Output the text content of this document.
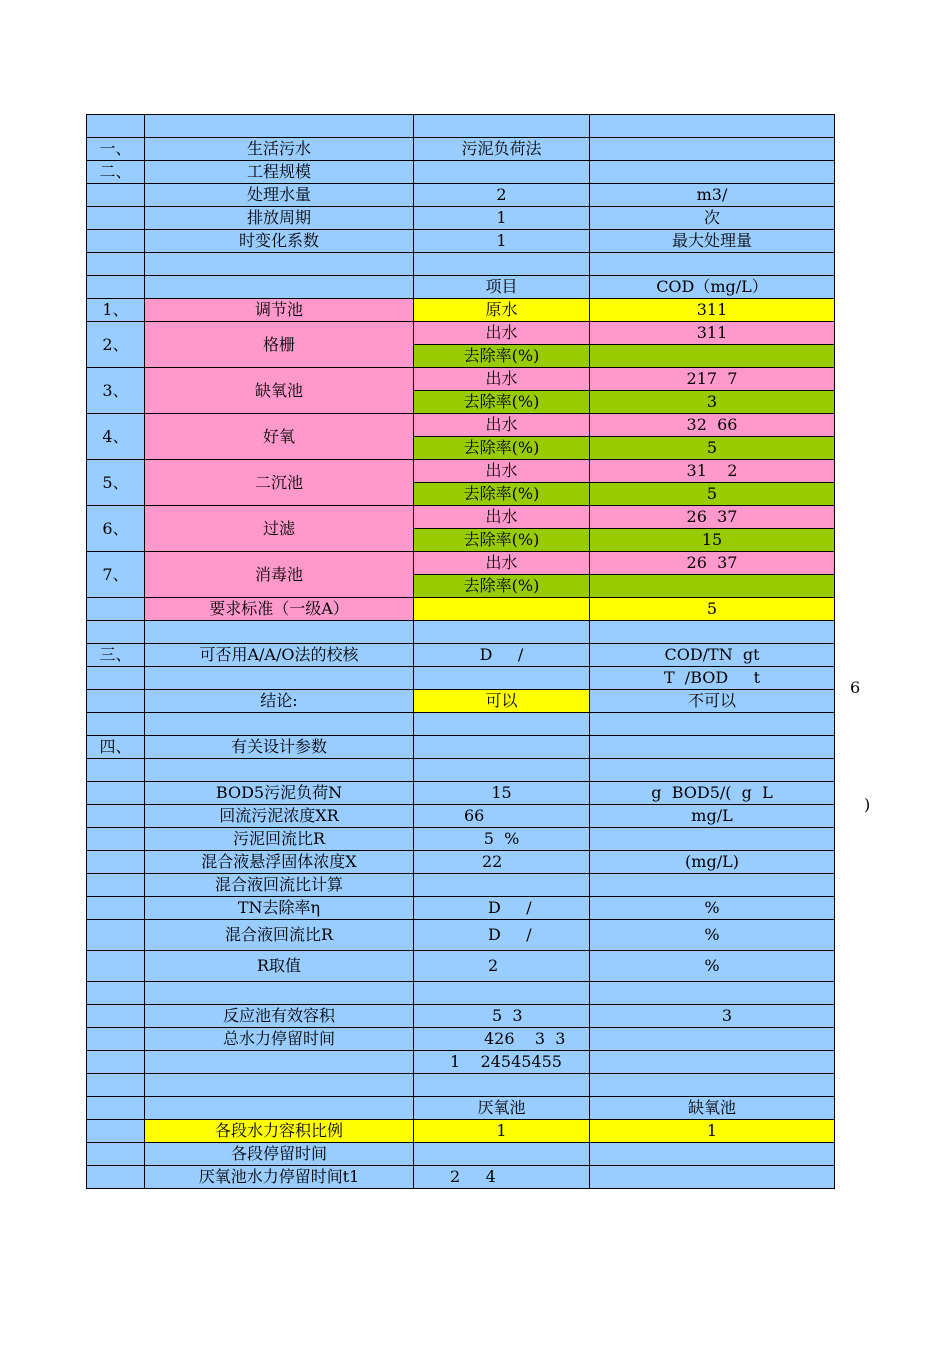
一、	生活污水	污泥负荷法	
二、	工程规模		
	处理水量	2	m3/
	排放周期	1	次
	时变化系数	1	最大处理量

		项目	COD（mg/L）
1、	调节池	原水	311
2、	格栅	出水	311
		去除率(%)	
3、	缺氧池	出水	217  7
		去除率(%)	3
4、	好氧	出水	32  66
		去除率(%)	5
5、	二沉池	出水	31    2
		去除率(%)	5
6、	过滤	出水	26  37
		去除率(%)	15
7、	消毒池	出水	26  37
		去除率(%)	
	要求标准（一级A）		5

三、	可否用A/A/O法的校核	D     /	COD/TN  gt
			T  /BOD     t
	结论:	可以	不可以

四、	有关设计参数		

	BOD5污泥负荷N	15	g  BOD5/(  g  L
	回流污泥浓度XR	66	mg/L
	污泥回流比R	5  %	
	混合液悬浮固体浓度X	22	(mg/L)
	混合液回流比计算		
	TN去除率η	D     /	%
	混合液回流比R	D     /	%
	R取值	2	%

	反应池有效容积	5  3	3
	总水力停留时间	426    3  3	
		1    24545455	

		厌氧池	缺氧池
	各段水力容积比例	1	1
	各段停留时间		
	厌氧池水力停留时间t1	2     4	
6
)
